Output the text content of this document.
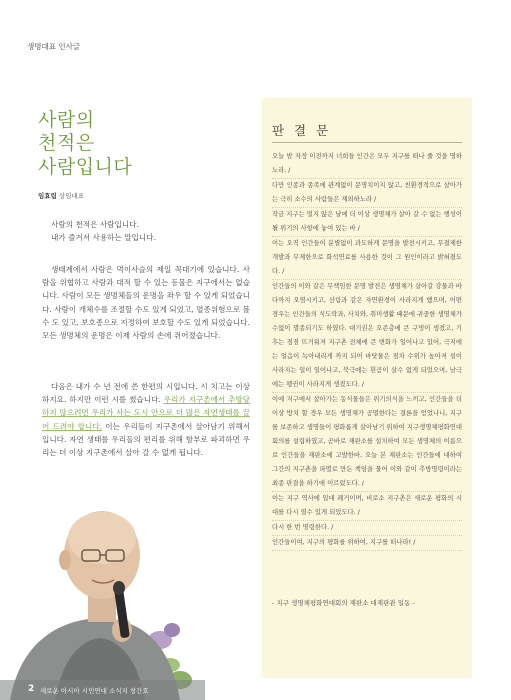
생명대표 인사글
사람의
천적은
사람입니다
임효림 상임대표

사람의 천적은 사람입니다.

내가 즐겨서 사용하는 말입니다.

생태계에서 사람은 먹이사슬의 제일 꼭대기에 있습니다. 사람을 위협하고 사람과 대적 할 수 있는 동물은 지구에서는 없습니다. 사람이 모든 생명체들의 운명을 좌우 할 수 있게 되었습니다. 사람이 개체수를 조절할 수도 있게 되었고, 멸종위험으로 볼 수 도 있고, 보호종으로 지정하여 보호할 수도 있게 되었습니다. 모든 생명체의 운명은 이제 사람의 손에 쥐어졌습니다.

다음은 내가 수 년 전에 쓴 한편의 시입니다. 시 치고는 이상하지요. 하지만 이런 시를 썼습니다. 우리가 지구촌에서 추방당하지 않으려면 우리가 사는 도시 안으로 더 많은 자연생태를 끌어 드려야 합니다. 이는 우리들이 지구촌에서 살아남기 위해서입니다. 자연 생태를 우리들의 편리를 위해 함부로 파괴하면 우리는 더 이상 지구촌에서 살아 갈 수 없게 됩니다.

판 결 문

오늘 밤 자정 이전까지 너희들 인간은 모두 지구를 떠나 줄 것을 명하노라. /

다만 인종과 종족에 관계없이 문명치이지 않고, 친환경적으로 살아가는 극히 소수의 사람들은 제외하노라 /

작금 지구는 멀지 않은 날에 더 이상 생명체가 살아 갈 수 없는 행성이 될 위기의 사항에 놓여 있는 바 /

이는 오직 인간들이 분별없이 과도하게 문명을 발전시키고, 무절제한 개발과 무제한으로 화석연료를 사용한 것이 그 원인이라고 밝혀졌도다. /

인간들의 이와 같은 무책임한 문명 발전은 생명체가 살아갈 강물과 바다까지 오염시키고, 산림과 같은 자연환경이 사라지게 했으며, 어떤 경우는 인간들의 식도락과, 사치와, 취미생활 때문에 귀중한 생명체가 수없이 멸종되기도 하였다. 대기권은 오존층에 큰 구멍이 생겼고, 기후는 점점 뜨거워져 지구촌 전체에 큰 변화가 일어나고 있어, 극지에는 얼음이 녹아내리게 까지 되어 바닷물은 점차 수위가 높아져 섬이 사라지는 일이 일어나고, 북극에는 흰곰이 살수 없게 되었으며, 남극에는 펭귄이 사라지게 생겼도다. /

이에 지구에서 살아가는 동식물들은 위기의식을 느끼고, 인간들을 더 이상 방치 할 경우 모든 생명체가 공멸한다는 결론을 얻었나니, 지구를 보존하고 생명들이 평화롭게 살아남기 위하여 지구생명체평화연대회의를 설립하였고, 곧바로 재판소를 설치하여 모든 생명체의 이름으로 인간들을 재판소에 고발한바, 오늘 본 재판소는 인간들에 대하여 그간의 지구촌을 파멸로 만든 책임을 물어 이와 같이 추방명령이라는 최종 판결을 하기에 이르렀도다. /

이는 지구 역사에 일대 쾌거이며, 비로소 지구촌은 새로운 평화의 시대를 다시 열수 있게 되었도다. /

다시 한 번 명령한다. /

인간들이여, 지구의 평화를 위하여, 지구를 떠나라! /

- 지구 생명체평화연대회의 재판소 대재판관 일동 -
2 새로운 아시아 시민연대 소식지 창간호
